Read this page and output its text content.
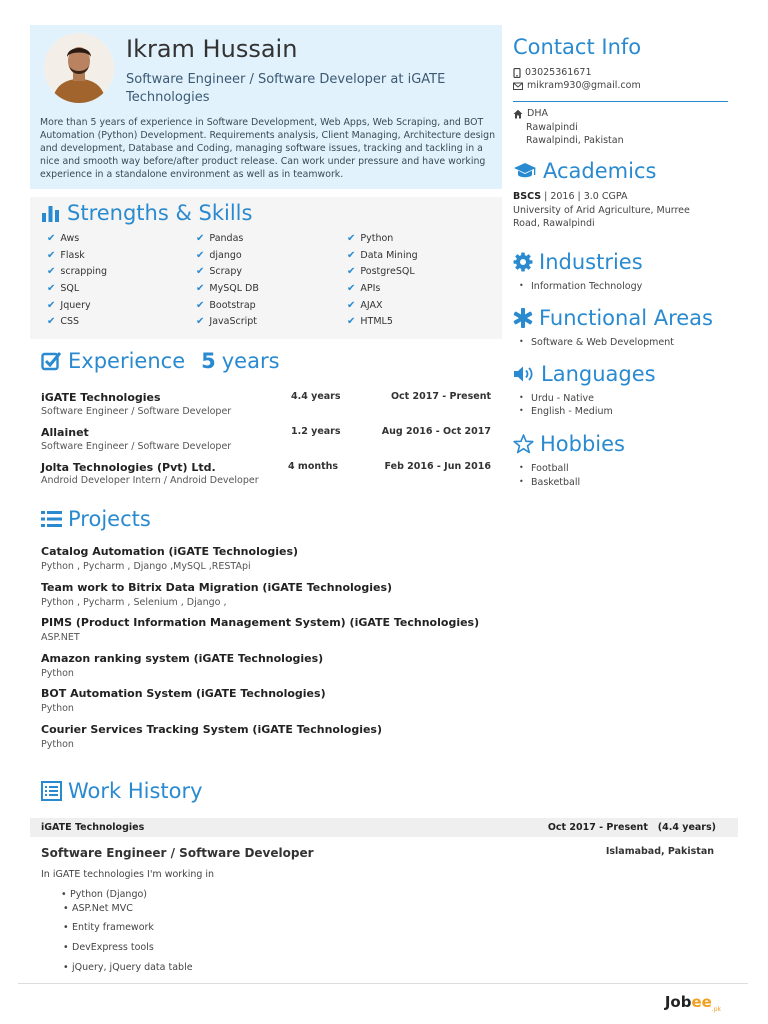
Ikram Hussain
Software Engineer / Software Developer at iGATE Technologies
More than 5 years of experience in Software Development, Web Apps, Web Scraping, and BOT Automation (Python) Development. Requirements analysis, Client Managing, Architecture design and development, Database and Coding, managing software issues, tracking and tackling in a nice and smooth way before/after product release. Can work under pressure and have working experience in a standalone environment as well as in teamwork.
Strengths & Skills
✔ Aws
✔ Flask
✔ scrapping
✔ SQL
✔ Jquery
✔ CSS
✔ Pandas
✔ django
✔ Scrapy
✔ MySQL DB
✔ Bootstrap
✔ JavaScript
✔ Python
✔ Data Mining
✔ PostgreSQL
✔ APIs
✔ AJAX
✔ HTML5
Experience 5 years
iGATE Technologies
Software Engineer / Software Developer
4.4 years	Oct 2017 - Present
Allainet
Software Engineer / Software Developer
1.2 years	Aug 2016 - Oct 2017
Jolta Technologies (Pvt) Ltd.
Android Developer Intern / Android Developer
4 months	Feb 2016 - Jun 2016
Projects
Catalog Automation (iGATE Technologies)
Python , Pycharm , Django ,MySQL ,RESTApi
Team work to Bitrix Data Migration (iGATE Technologies)
Python , Pycharm , Selenium , Django ,
PIMS (Product Information Management System) (iGATE Technologies)
ASP.NET
Amazon ranking system (iGATE Technologies)
Python
BOT Automation System (iGATE Technologies)
Python
Courier Services Tracking System (iGATE Technologies)
Python
Work History
iGATE Technologies	Oct 2017 - Present   (4.4 years)
Software Engineer / Software Developer	Islamabad, Pakistan
In iGATE technologies I'm working in
• Python (Django)
• ASP.Net MVC
• Entity framework
• DevExpress tools
• jQuery, jQuery data table
Jobee$_{.pk}$
Contact Info
03025361671
mikram930@gmail.com
DHA
Rawalpindi
Rawalpindi, Pakistan
Academics
BSCS | 2016 | 3.0 CGPA
University of Arid Agriculture, Murree
Road, Rawalpindi
Industries
• Information Technology
Functional Areas
• Software & Web Development
Languages
• Urdu - Native
• English - Medium
Hobbies
• Football
• Basketball
